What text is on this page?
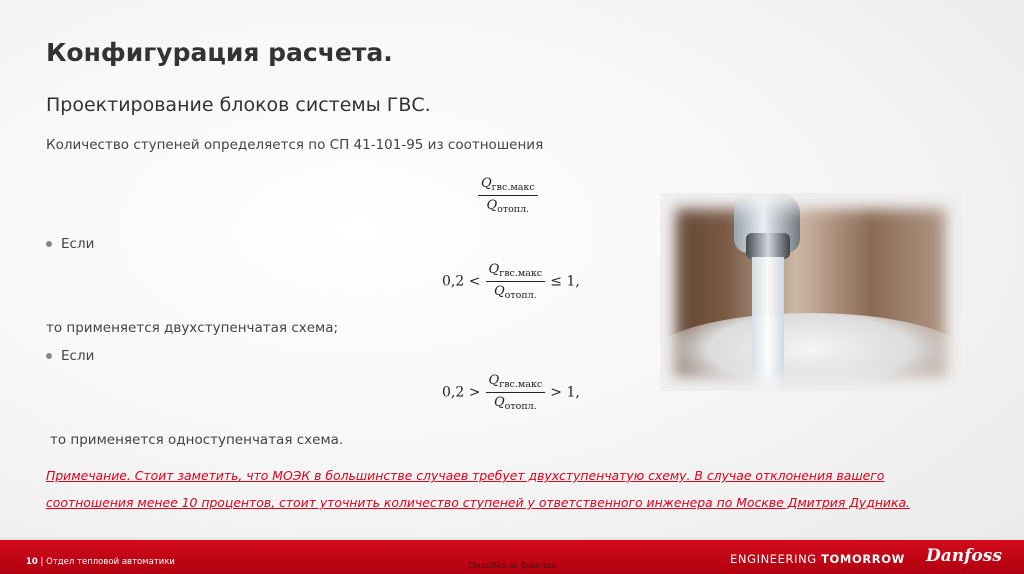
Конфигурация расчета.
Проектирование блоков системы ГВС.
Количество ступеней определяется по СП 41-101-95 из соотношения
$\frac{Q_{гвс.макс}}{Q_{отопл.}}$
Если
$0,2 < \frac{Q_{гвс.макс}}{Q_{отопл.}} \le 1$,
то применяется двухступенчатая схема;
Если
$0,2 > \frac{Q_{гвс.макс}}{Q_{отопл.}} > 1$,
то применяется одноступенчатая схема.
Примечание. Стоит заметить, что МОЭК в большинстве случаев требует двухступенчатую схему. В случае отклонения вашего соотношения менее 10 процентов, стоит уточнить количество ступеней у ответственного инженера по Москве Дмитрия Дудника.
10 | Отдел тепловой автоматики	Classified as Business	ENGINEERING TOMORROW Danfoss
